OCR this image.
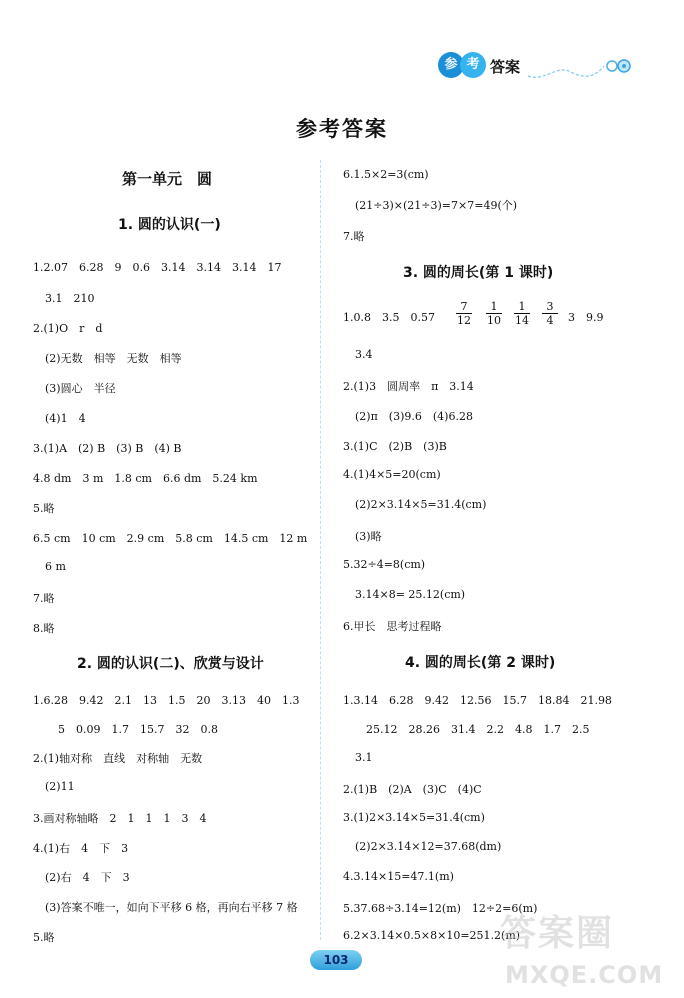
参 考 答案
参考答案
第一单元　圆
1. 圆的认识(一)
1.2.07　6.28　9　0.6　3.14　3.14　3.14　17
3.1　210
2.(1)O　r　d
(2)无数　相等　无数　相等
(3)圆心　半径
(4)1　4
3.(1)A　(2) B　(3) B　(4) B
4.8 dm　3 m　1.8 cm　6.6 dm　5.24 km
5.略
6.5 cm　10 cm　2.9 cm　5.8 cm　14.5 cm　12 m
6 m
7.略
8.略
2. 圆的认识(二)、欣赏与设计
1.6.28　9.42　2.1　13　1.5　20　3.13　40　1.3
5　0.09　1.7　15.7　32　0.8
2.(1)轴对称　直线　对称轴　无数
(2)11
3.画对称轴略　2　1　1　1　3　4
4.(1)右　4　下　3
(2)右　4　下　3
(3)答案不唯一，如向下平移 6 格，再向右平移 7 格
5.略
6.1.5×2=3(cm)
(21÷3)×(21÷3)=7×7=49(个)
7.略
3. 圆的周长(第 1 课时)
1.0.8　3.5　$0.57 \frac{7}{12} \frac{1}{10} \frac{1}{14} \frac{3}{4} 3$　9.9
3.4
2.(1)3　圆周率　π　3.14
(2)π　(3)9.6　(4)6.28
3.(1)C　(2)B　(3)B
4.(1)4×5=20(cm)
(2)2×3.14×5=31.4(cm)
(3)略
5.32÷4=8(cm)
3.14×8= 25.12(cm)
6.甲长　思考过程略
4. 圆的周长(第 2 课时)
1.3.14　6.28　9.42　12.56　15.7　18.84　21.98
25.12　28.26　31.4　2.2　4.8　1.7　2.5
3.1
2.(1)B　(2)A　(3)C　(4)C
3.(1)2×3.14×5=31.4(cm)
(2)2×3.14×12=37.68(dm)
4.3.14×15=47.1(m)
5.37.68÷3.14=12(m)　12÷2=6(m)
6.2×3.14×0.5×8×10=251.2(m)
答案圈
MXQE.COM
103
